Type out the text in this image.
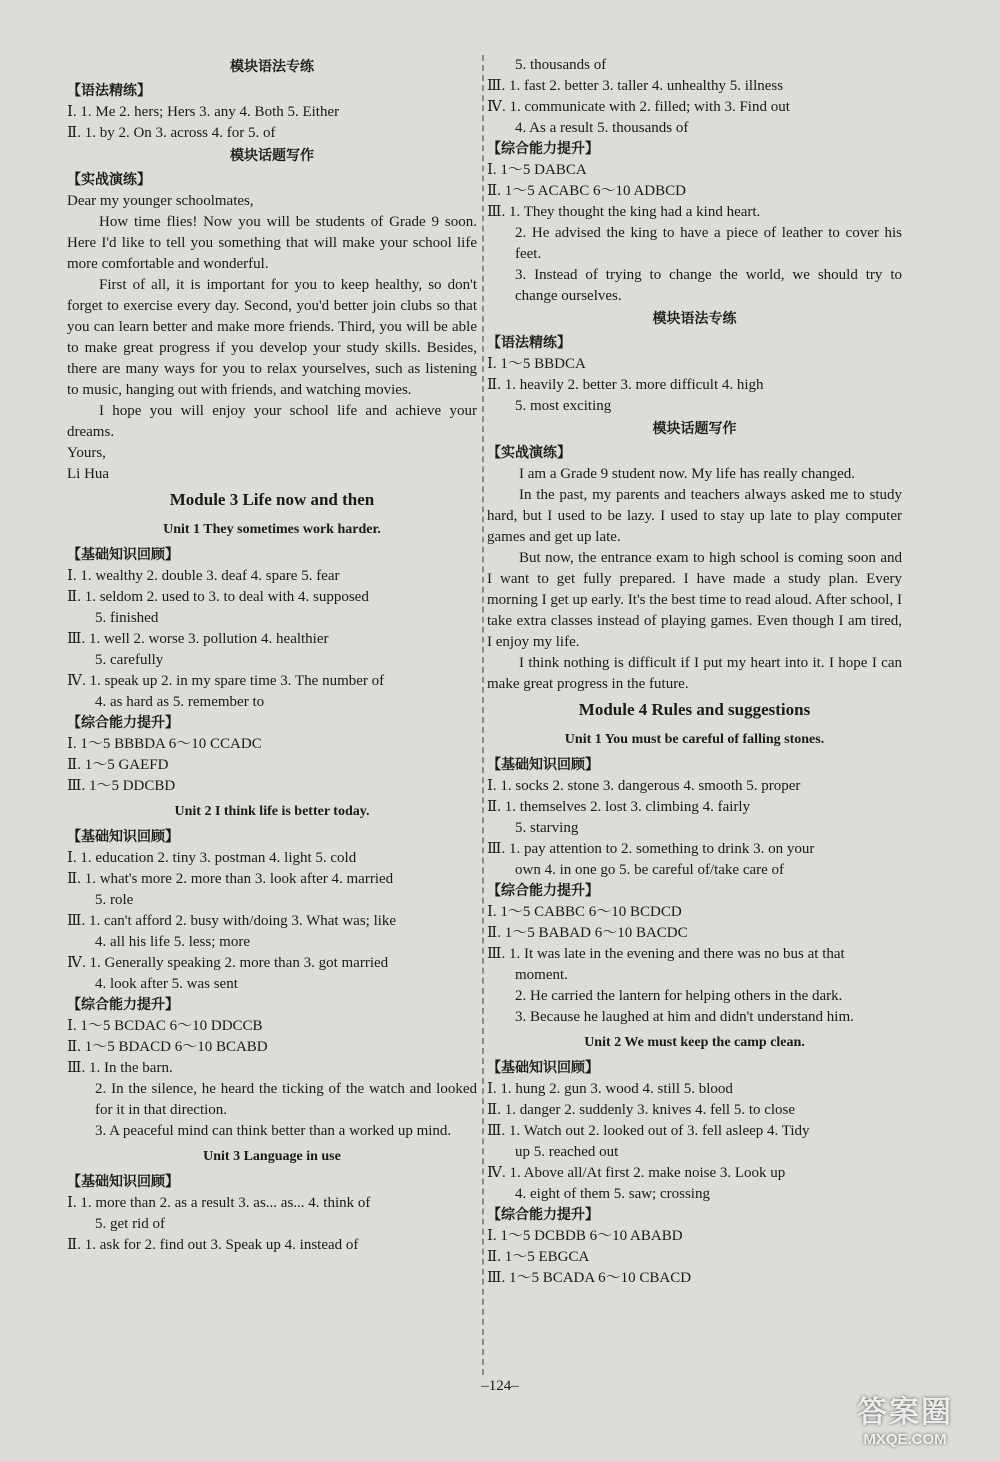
模块语法专练
【语法精练】
Ⅰ. 1. Me 2. hers; Hers 3. any 4. Both 5. Either
Ⅱ. 1. by 2. On 3. across 4. for 5. of
模块话题写作
【实战演练】
Dear my younger schoolmates,
How time flies! Now you will be students of Grade 9 soon. Here I'd like to tell you something that will make your school life more comfortable and wonderful.
First of all, it is important for you to keep healthy, so don't forget to exercise every day. Second, you'd better join clubs so that you can learn better and make more friends. Third, you will be able to make great progress if you develop your study skills. Besides, there are many ways for you to relax yourselves, such as listening to music, hanging out with friends, and watching movies.
I hope you will enjoy your school life and achieve your dreams.
Yours,
Li Hua
Module 3 Life now and then
Unit 1 They sometimes work harder.
【基础知识回顾】
Ⅰ. 1. wealthy 2. double 3. deaf 4. spare 5. fear
Ⅱ. 1. seldom 2. used to 3. to deal with 4. supposed
5. finished
Ⅲ. 1. well 2. worse 3. pollution 4. healthier
5. carefully
Ⅳ. 1. speak up 2. in my spare time 3. The number of
4. as hard as 5. remember to
【综合能力提升】
Ⅰ. 1～5 BBBDA 6～10 CCADC
Ⅱ. 1～5 GAEFD
Ⅲ. 1～5 DDCBD
Unit 2 I think life is better today.
【基础知识回顾】
Ⅰ. 1. education 2. tiny 3. postman 4. light 5. cold
Ⅱ. 1. what's more 2. more than 3. look after 4. married
5. role
Ⅲ. 1. can't afford 2. busy with/doing 3. What was; like
4. all his life 5. less; more
Ⅳ. 1. Generally speaking 2. more than 3. got married
4. look after 5. was sent
【综合能力提升】
Ⅰ. 1～5 BCDAC 6～10 DDCCB
Ⅱ. 1～5 BDACD 6～10 BCABD
Ⅲ. 1. In the barn.
2. In the silence, he heard the ticking of the watch and looked for it in that direction.
3. A peaceful mind can think better than a worked up mind.
Unit 3 Language in use
【基础知识回顾】
Ⅰ. 1. more than 2. as a result 3. as... as... 4. think of
5. get rid of
Ⅱ. 1. ask for 2. find out 3. Speak up 4. instead of
5. thousands of
Ⅲ. 1. fast 2. better 3. taller 4. unhealthy 5. illness
Ⅳ. 1. communicate with 2. filled; with 3. Find out
4. As a result 5. thousands of
【综合能力提升】
Ⅰ. 1～5 DABCA
Ⅱ. 1～5 ACABC 6～10 ADBCD
Ⅲ. 1. They thought the king had a kind heart.
2. He advised the king to have a piece of leather to cover his feet.
3. Instead of trying to change the world, we should try to change ourselves.
模块语法专练
【语法精练】
Ⅰ. 1～5 BBDCA
Ⅱ. 1. heavily 2. better 3. more difficult 4. high
5. most exciting
模块话题写作
【实战演练】
I am a Grade 9 student now. My life has really changed.
In the past, my parents and teachers always asked me to study hard, but I used to be lazy. I used to stay up late to play computer games and get up late.
But now, the entrance exam to high school is coming soon and I want to get fully prepared. I have made a study plan. Every morning I get up early. It's the best time to read aloud. After school, I take extra classes instead of playing games. Even though I am tired, I enjoy my life.
I think nothing is difficult if I put my heart into it. I hope I can make great progress in the future.
Module 4 Rules and suggestions
Unit 1 You must be careful of falling stones.
【基础知识回顾】
Ⅰ. 1. socks 2. stone 3. dangerous 4. smooth 5. proper
Ⅱ. 1. themselves 2. lost 3. climbing 4. fairly
5. starving
Ⅲ. 1. pay attention to 2. something to drink 3. on your
own 4. in one go 5. be careful of/take care of
【综合能力提升】
Ⅰ. 1～5 CABBC 6～10 BCDCD
Ⅱ. 1～5 BABAD 6～10 BACDC
Ⅲ. 1. It was late in the evening and there was no bus at that
moment.
2. He carried the lantern for helping others in the dark.
3. Because he laughed at him and didn't understand him.
Unit 2 We must keep the camp clean.
【基础知识回顾】
Ⅰ. 1. hung 2. gun 3. wood 4. still 5. blood
Ⅱ. 1. danger 2. suddenly 3. knives 4. fell 5. to close
Ⅲ. 1. Watch out 2. looked out of 3. fell asleep 4. Tidy
up 5. reached out
Ⅳ. 1. Above all/At first 2. make noise 3. Look up
4. eight of them 5. saw; crossing
【综合能力提升】
Ⅰ. 1～5 DCBDB 6～10 ABABD
Ⅱ. 1～5 EBGCA
Ⅲ. 1～5 BCADA 6～10 CBACD
–124–
答案圈
MXQE.COM
